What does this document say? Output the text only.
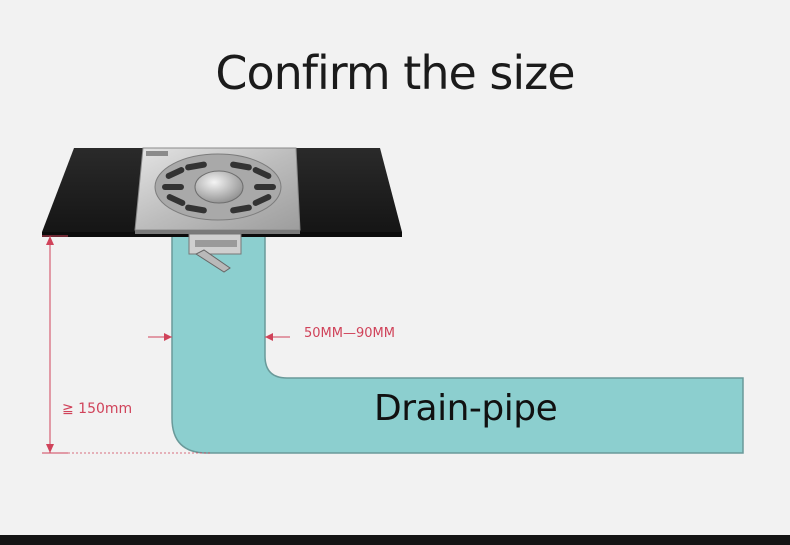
Confirm the size
50MM—90MM
≧ 150mm	Drain-pipe
